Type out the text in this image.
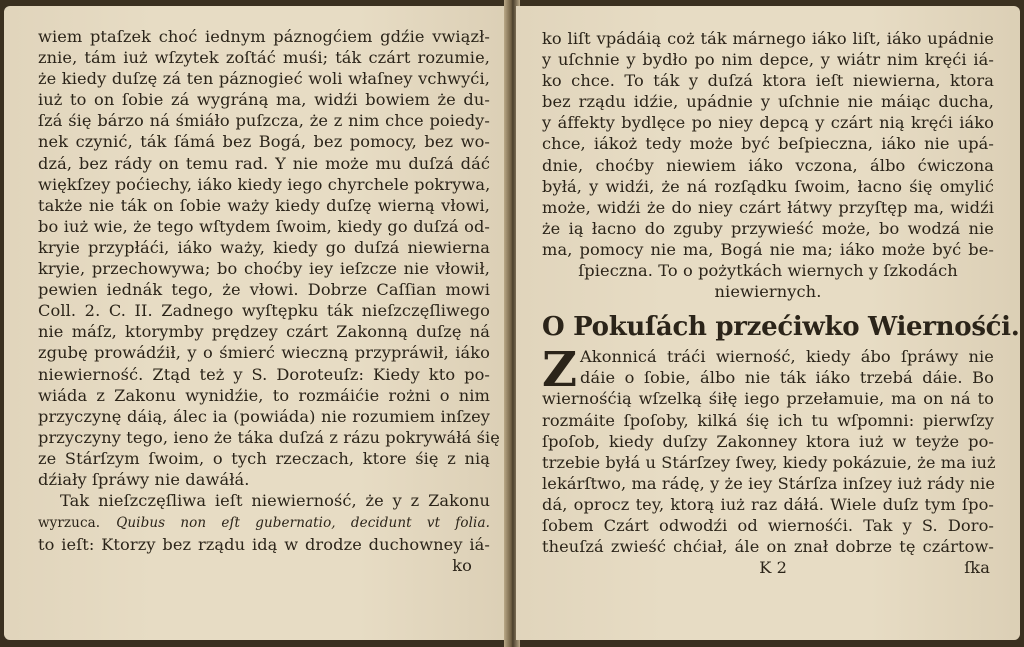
wiem ptaſzek choć iednym páznogćiem gdźie vwiązł-
znie, tám iuż wſzytek zoſtáć muśi; ták czárt rozumie,
że kiedy duſzę zá ten páznogieć woli właſney vchwyći,
iuż to on ſobie zá wygráną ma, widźi bowiem że du-
ſzá śię bárzo ná śmiáło puſzcza, że z nim chce poiedy-
nek czynić, ták ſámá bez Bogá, bez pomocy, bez wo-
dzá, bez rády on temu rad. Y nie może mu duſzá dáć
więkſzey poćiechy, iáko kiedy iego chyrchele pokrywa,
także nie ták on ſobie waży kiedy duſzę wierną vłowi,
bo iuż wie, że tego wſtydem ſwoim, kiedy go duſzá od-
kryie przypłáći, iáko waży, kiedy go duſzá niewierna
kryie, przechowywa; bo choćby iey ieſzcze nie vłowił,
pewien iednák tego, że vłowi. Dobrze Caſſian mowi
Coll. 2. C. II. Zadnego wyſtępku ták nieſzczęſliwego
nie máſz, ktorymby prędzey czárt Zakonną duſzę ná
zgubę prowádźił, y o śmierć wieczną przypráwił, iáko
niewierność. Ztąd też y S. Doroteuſz: Kiedy kto po-
wiáda z Zakonu wynidźie, to rozmáićie rożni o nim
przyczynę dáią, álec ia (powiáda) nie rozumiem inſzey
przyczyny tego, ieno że táka duſzá z rázu pokrywáłá śię
ze Stárſzym ſwoim, o tych rzeczach, ktore śię z nią
dźiały ſpráwy nie dawáłá.
Tak nieſzczęſliwa ieſt niewierność, że y z Zakonu
wyrzuca. Quibus non eſt gubernatio, decidunt vt folia.
to ieſt: Ktorzy bez rządu idą w drodze duchowney iá-
ko
ko liſt vpádáią coż ták márnego iáko liſt, iáko upádnie
y uſchnie y bydło po nim depce, y wiátr nim kręći iá-
ko chce. To ták y duſzá ktora ieſt niewierna, ktora
bez rządu idźie, upádnie y uſchnie nie máiąc ducha,
y áffekty bydlęce po niey depcą y czárt nią kręći iáko
chce, iákoż tedy może być beſpieczna, iáko nie upá-
dnie, choćby niewiem iáko vczona, álbo ćwiczona
byłá, y widźi, że ná rozſądku ſwoim, łacno śię omylić
może, widźi że do niey czárt łátwy przyſtęp ma, widźi
że ią łacno do zguby przywieść może, bo wodzá nie
ma, pomocy nie ma, Bogá nie ma; iáko może być be-
ſpieczna. To o pożytkách wiernych y ſzkodách
niewiernych.
O Pokuſách przećiwko Wiernośći.
Z Akonnicá tráći wierność, kiedy ábo ſpráwy nie
dáie o ſobie, álbo nie ták iáko trzebá dáie. Bo
wiernośćią wſzelką śiłę iego przełamuie, ma on ná to
rozmáite ſpoſoby, kilká śię ich tu wſpomni: pierwſzy
ſpoſob, kiedy duſzy Zakonney ktora iuż w teyże po-
trzebie byłá u Stárſzey ſwey, kiedy pokázuie, że ma iuż
lekárſtwo, ma rádę, y że iey Stárſza inſzey iuż rády nie
dá, oprocz tey, ktorą iuż raz dáłá. Wiele duſz tym ſpo-
ſobem Czárt odwodźi od wiernośći. Tak y S. Doro-
theuſzá zwieść chćiał, ále on znał dobrze tę czártow-
K 2	ſka
